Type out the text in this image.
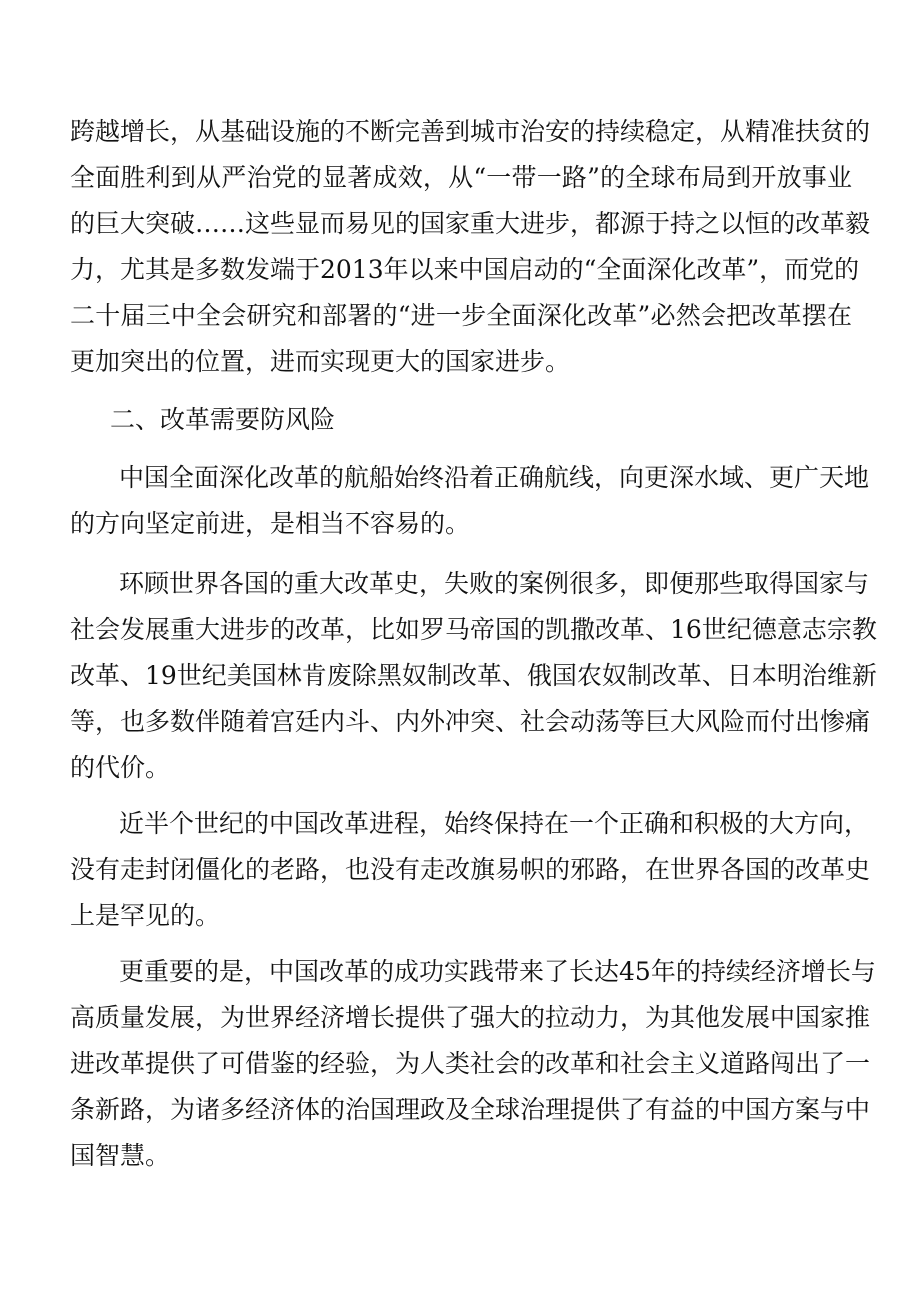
跨越增长，从基础设施的不断完善到城市治安的持续稳定，从精准扶贫的
全面胜利到从严治党的显著成效，从“一带一路”的全球布局到开放事业
的巨大突破……这些显而易见的国家重大进步，都源于持之以恒的改革毅
力，尤其是多数发端于2013年以来中国启动的“全面深化改革”，而党的
二十届三中全会研究和部署的“进一步全面深化改革”必然会把改革摆在
更加突出的位置，进而实现更大的国家进步。
二、改革需要防风险
中国全面深化改革的航船始终沿着正确航线，向更深水域、更广天地
的方向坚定前进，是相当不容易的。
环顾世界各国的重大改革史，失败的案例很多，即便那些取得国家与
社会发展重大进步的改革，比如罗马帝国的凯撒改革、16世纪德意志宗教
改革、19世纪美国林肯废除黑奴制改革、俄国农奴制改革、日本明治维新
等，也多数伴随着宫廷内斗、内外冲突、社会动荡等巨大风险而付出惨痛
的代价。
近半个世纪的中国改革进程，始终保持在一个正确和积极的大方向，
没有走封闭僵化的老路，也没有走改旗易帜的邪路，在世界各国的改革史
上是罕见的。
更重要的是，中国改革的成功实践带来了长达45年的持续经济增长与
高质量发展，为世界经济增长提供了强大的拉动力，为其他发展中国家推
进改革提供了可借鉴的经验，为人类社会的改革和社会主义道路闯出了一
条新路，为诸多经济体的治国理政及全球治理提供了有益的中国方案与中
国智慧。
